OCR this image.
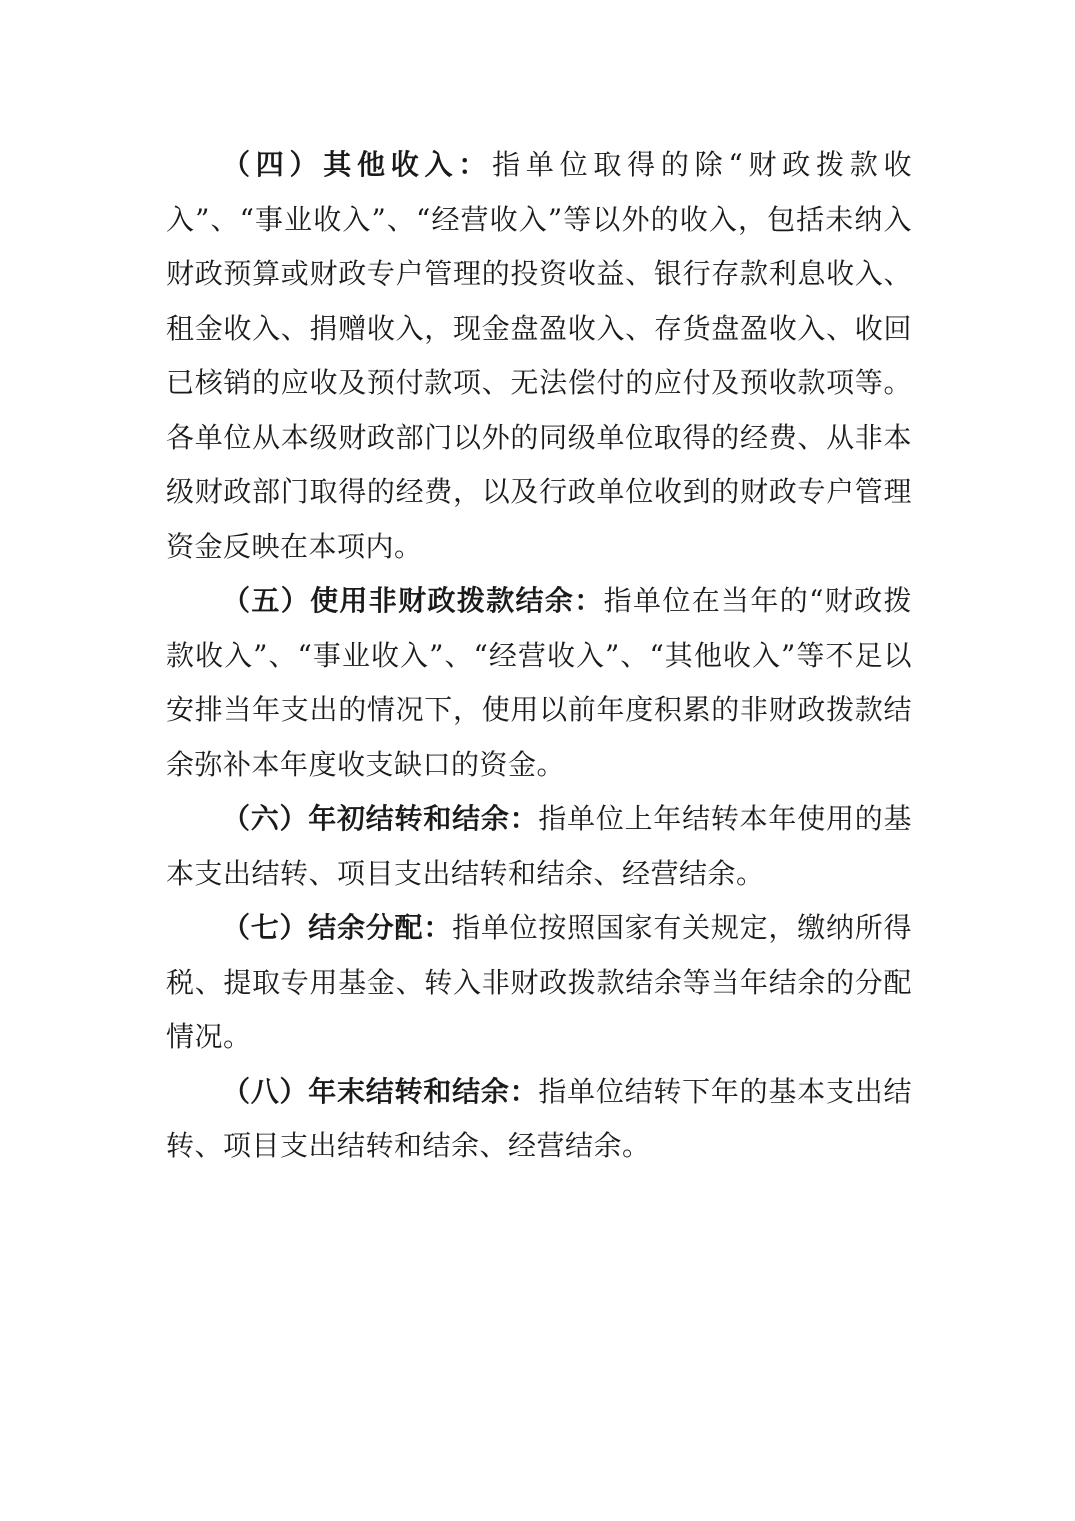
（四）其他收入：指单位取得的除“财政拨款收入”、“事业收入”、“经营收入”等以外的收入，包括未纳入财政预算或财政专户管理的投资收益、银行存款利息收入、租金收入、捐赠收入，现金盘盈收入、存货盘盈收入、收回已核销的应收及预付款项、无法偿付的应付及预收款项等。各单位从本级财政部门以外的同级单位取得的经费、从非本级财政部门取得的经费，以及行政单位收到的财政专户管理资金反映在本项内。

（五）使用非财政拨款结余：指单位在当年的“财政拨款收入”、“事业收入”、“经营收入”、“其他收入”等不足以安排当年支出的情况下，使用以前年度积累的非财政拨款结余弥补本年度收支缺口的资金。

（六）年初结转和结余：指单位上年结转本年使用的基本支出结转、项目支出结转和结余、经营结余。

（七）结余分配：指单位按照国家有关规定，缴纳所得税、提取专用基金、转入非财政拨款结余等当年结余的分配情况。

（八）年末结转和结余：指单位结转下年的基本支出结转、项目支出结转和结余、经营结余。
